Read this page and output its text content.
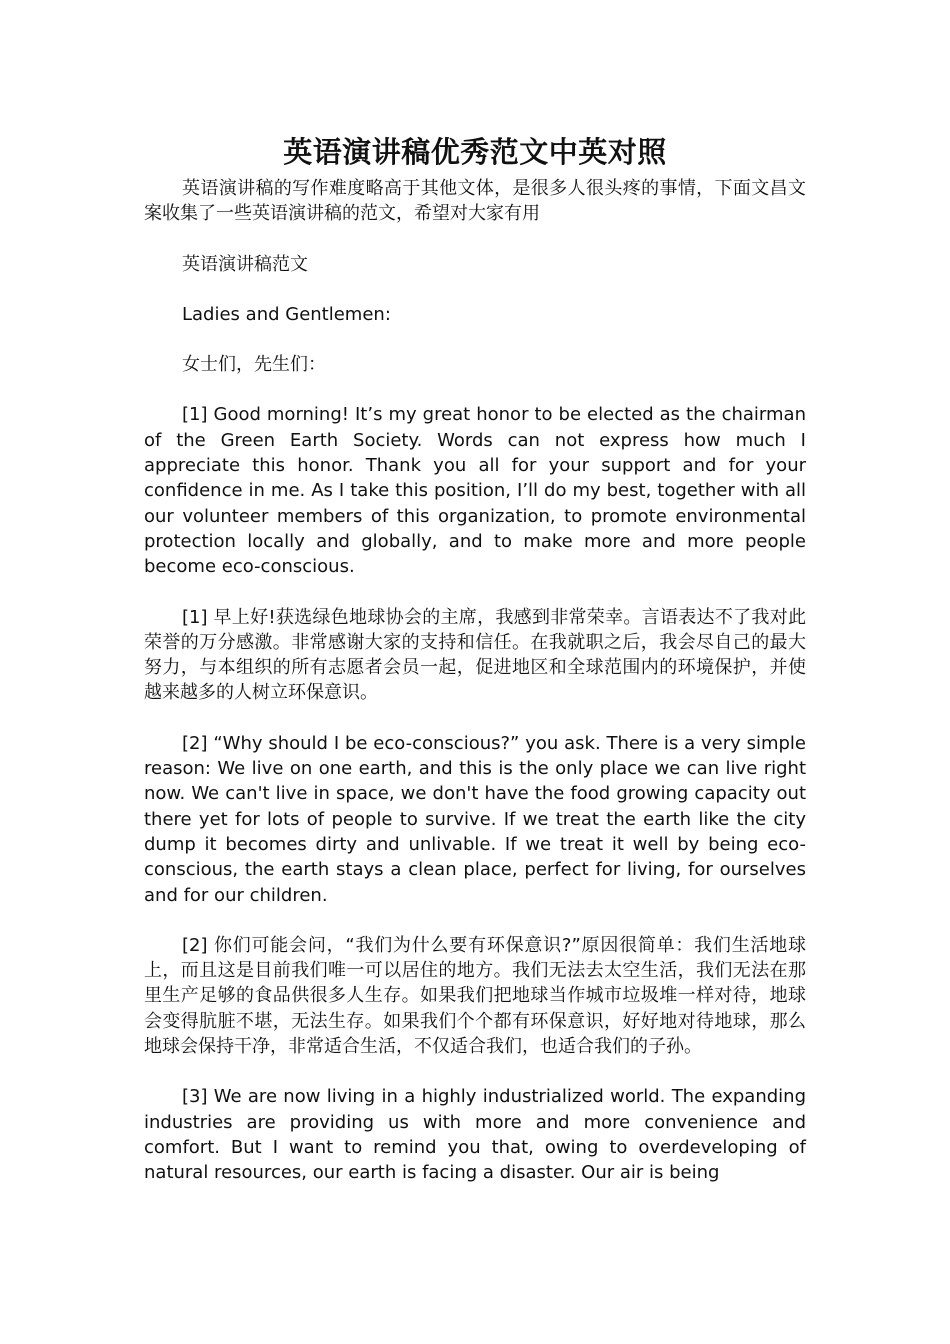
英语演讲稿优秀范文中英对照

英语演讲稿的写作难度略高于其他文体，是很多人很头疼的事情，下面文昌文案收集了一些英语演讲稿的范文，希望对大家有用

英语演讲稿范文

Ladies and Gentlemen:

女士们，先生们：

[1] Good morning! It’s my great honor to be elected as the chairman of the Green Earth Society. Words can not express how much I appreciate this honor. Thank you all for your support and for your confidence in me. As I take this position, I’ll do my best, together with all our volunteer members of this organization, to promote environmental protection locally and globally, and to make more and more people become eco-conscious.

[1] 早上好!获选绿色地球协会的主席，我感到非常荣幸。言语表达不了我对此荣誉的万分感激。非常感谢大家的支持和信任。在我就职之后，我会尽自己的最大努力，与本组织的所有志愿者会员一起，促进地区和全球范围内的环境保护，并使越来越多的人树立环保意识。

[2] “Why should I be eco-conscious?” you ask. There is a very simple reason: We live on one earth, and this is the only place we can live right now. We can't live in space, we don't have the food growing capacity out there yet for lots of people to survive. If we treat the earth like the city dump it becomes dirty and unlivable. If we treat it well by being eco-conscious, the earth stays a clean place, perfect for living, for ourselves and for our children.

[2] 你们可能会问，“我们为什么要有环保意识?”原因很简单：我们生活地球上，而且这是目前我们唯一可以居住的地方。我们无法去太空生活，我们无法在那里生产足够的食品供很多人生存。如果我们把地球当作城市垃圾堆一样对待，地球会变得肮脏不堪，无法生存。如果我们个个都有环保意识，好好地对待地球，那么地球会保持干净，非常适合生活，不仅适合我们，也适合我们的子孙。

[3] We are now living in a highly industrialized world. The expanding industries are providing us with more and more convenience and comfort. But I want to remind you that, owing to overdeveloping of natural resources, our earth is facing a disaster. Our air is being
